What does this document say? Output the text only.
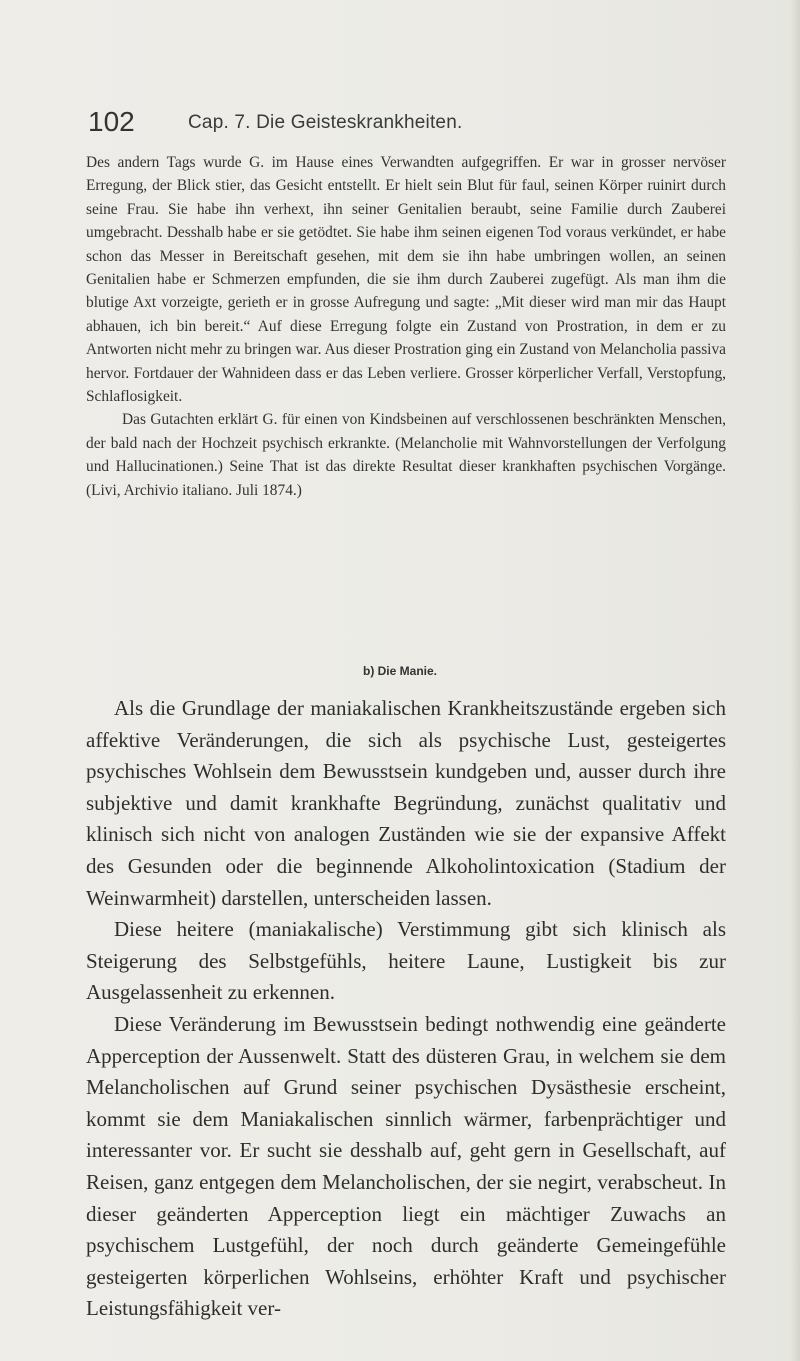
102	Cap. 7. Die Geisteskrankheiten.

Des andern Tags wurde G. im Hause eines Verwandten aufgegriffen. Er war in grosser nervöser Erregung, der Blick stier, das Gesicht entstellt. Er hielt sein Blut für faul, seinen Körper ruinirt durch seine Frau. Sie habe ihn verhext, ihn seiner Genitalien beraubt, seine Familie durch Zauberei umgebracht. Desshalb habe er sie getödtet. Sie habe ihm seinen eigenen Tod voraus verkündet, er habe schon das Messer in Bereitschaft gesehen, mit dem sie ihn habe umbringen wollen, an seinen Genitalien habe er Schmerzen empfunden, die sie ihm durch Zauberei zugefügt. Als man ihm die blutige Axt vorzeigte, gerieth er in grosse Aufregung und sagte: „Mit dieser wird man mir das Haupt abhauen, ich bin bereit.“ Auf diese Erregung folgte ein Zustand von Prostration, in dem er zu Antworten nicht mehr zu bringen war. Aus dieser Prostration ging ein Zustand von Melancholia passiva hervor. Fortdauer der Wahnideen dass er das Leben verliere. Grosser körperlicher Verfall, Verstopfung, Schlaflosigkeit.

Das Gutachten erklärt G. für einen von Kindsbeinen auf verschlossenen beschränkten Menschen, der bald nach der Hochzeit psychisch erkrankte. (Melancholie mit Wahnvorstellungen der Verfolgung und Hallucinationen.) Seine That ist das direkte Resultat dieser krankhaften psychischen Vorgänge. (Livi, Archivio italiano. Juli 1874.)

b) Die Manie.

Als die Grundlage der maniakalischen Krankheitszustände ergeben sich affektive Veränderungen, die sich als psychische Lust, gesteigertes psychisches Wohlsein dem Bewusstsein kundgeben und, ausser durch ihre subjektive und damit krankhafte Begründung, zunächst qualitativ und klinisch sich nicht von analogen Zuständen wie sie der expansive Affekt des Gesunden oder die beginnende Alkoholintoxication (Stadium der Weinwarmheit) darstellen, unterscheiden lassen.

Diese heitere (maniakalische) Verstimmung gibt sich klinisch als Steigerung des Selbstgefühls, heitere Laune, Lustigkeit bis zur Ausgelassenheit zu erkennen.

Diese Veränderung im Bewusstsein bedingt nothwendig eine geänderte Apperception der Aussenwelt. Statt des düsteren Grau, in welchem sie dem Melancholischen auf Grund seiner psychischen Dysästhesie erscheint, kommt sie dem Maniakalischen sinnlich wärmer, farbenprächtiger und interessanter vor. Er sucht sie desshalb auf, geht gern in Gesellschaft, auf Reisen, ganz entgegen dem Melancholischen, der sie negirt, verabscheut. In dieser geänderten Apperception liegt ein mächtiger Zuwachs an psychischem Lustgefühl, der noch durch geänderte Gemeingefühle gesteigerten körperlichen Wohlseins, erhöhter Kraft und psychischer Leistungsfähigkeit ver-
